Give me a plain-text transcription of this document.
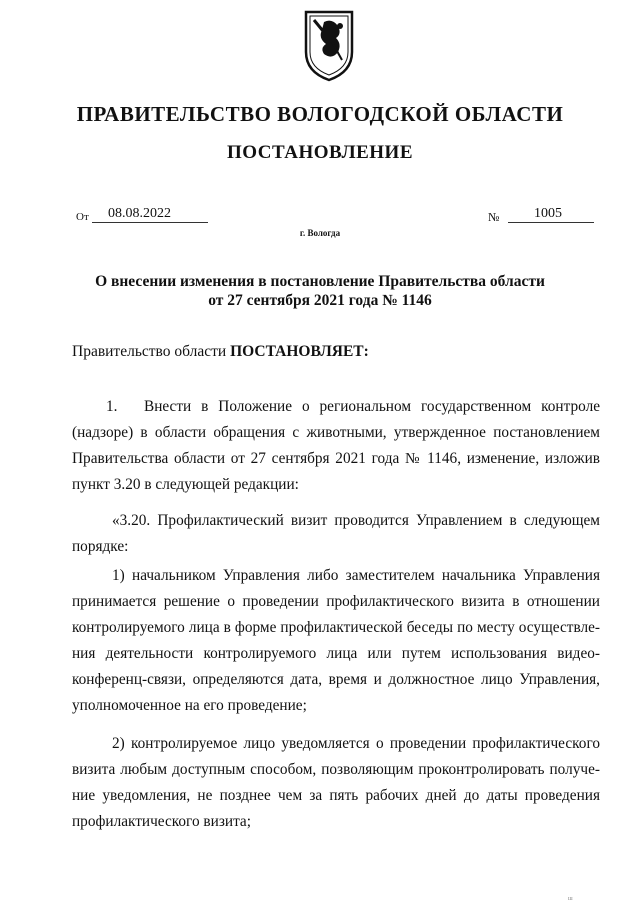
ПРАВИТЕЛЬСТВО ВОЛОГОДСКОЙ ОБЛАСТИ
ПОСТАНОВЛЕНИЕ
От	08.08.2022	№	1005
г. Вологда
О внесении изменения в постановление Правительства области
от 27 сентября 2021 года № 1146
Правительство области ПОСТАНОВЛЯЕТ:
1. Внести в Положение о региональном государственном контроле (надзоре) в области обращения с животными, утвержденное постановлением Правительства области от 27 сентября 2021 года № 1146, изменение, изложив пункт 3.20 в следующей редакции:
«3.20. Профилактический визит проводится Управлением в следующем порядке:
1) начальником Управления либо заместителем начальника Управления принимается решение о проведении профилактического визита в отношении контролируемого лица в форме профилактической беседы по месту осуществле-ния деятельности контролируемого лица или путем использования видео-конференц-связи, определяются дата, время и должностное лицо Управления, уполномоченное на его проведение;
2) контролируемое лицо уведомляется о проведении профилактического визита любым доступным способом, позволяющим проконтролировать получе-ние уведомления, не позднее чем за пять рабочих дней до даты проведения профилактического визита;
ш
